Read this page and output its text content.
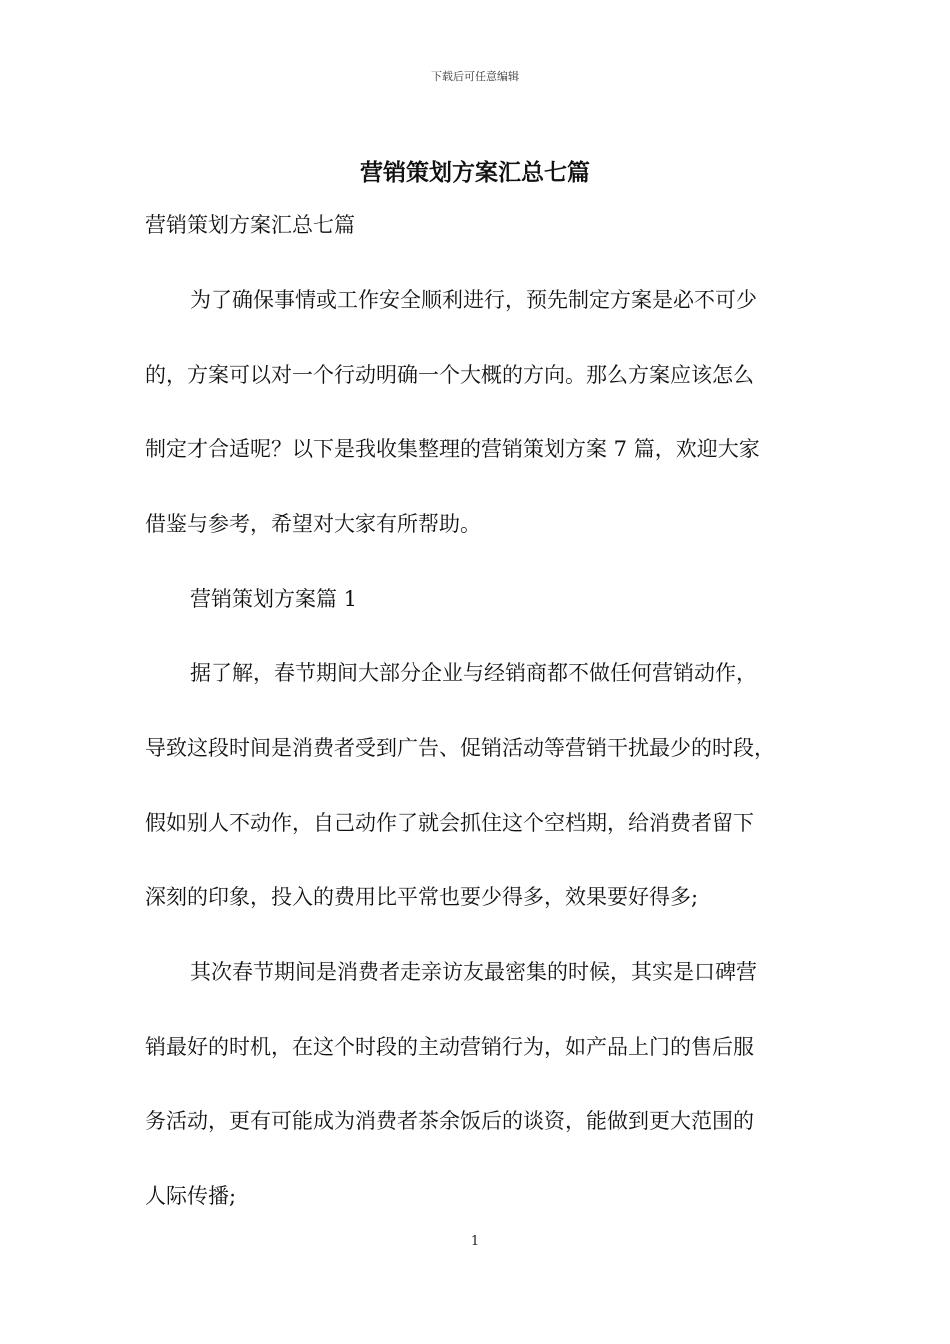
下载后可任意编辑
营销策划方案汇总七篇
营销策划方案汇总七篇
为了确保事情或工作安全顺利进行，预先制定方案是必不可少
的，方案可以对一个行动明确一个大概的方向。那么方案应该怎么
制定才合适呢？以下是我收集整理的营销策划方案 7 篇，欢迎大家
借鉴与参考，希望对大家有所帮助。
营销策划方案篇 1
据了解，春节期间大部分企业与经销商都不做任何营销动作，
导致这段时间是消费者受到广告、促销活动等营销干扰最少的时段，
假如别人不动作，自己动作了就会抓住这个空档期，给消费者留下
深刻的印象，投入的费用比平常也要少得多，效果要好得多;
其次春节期间是消费者走亲访友最密集的时候，其实是口碑营
销最好的时机，在这个时段的主动营销行为，如产品上门的售后服
务活动，更有可能成为消费者茶余饭后的谈资，能做到更大范围的
人际传播;
1
